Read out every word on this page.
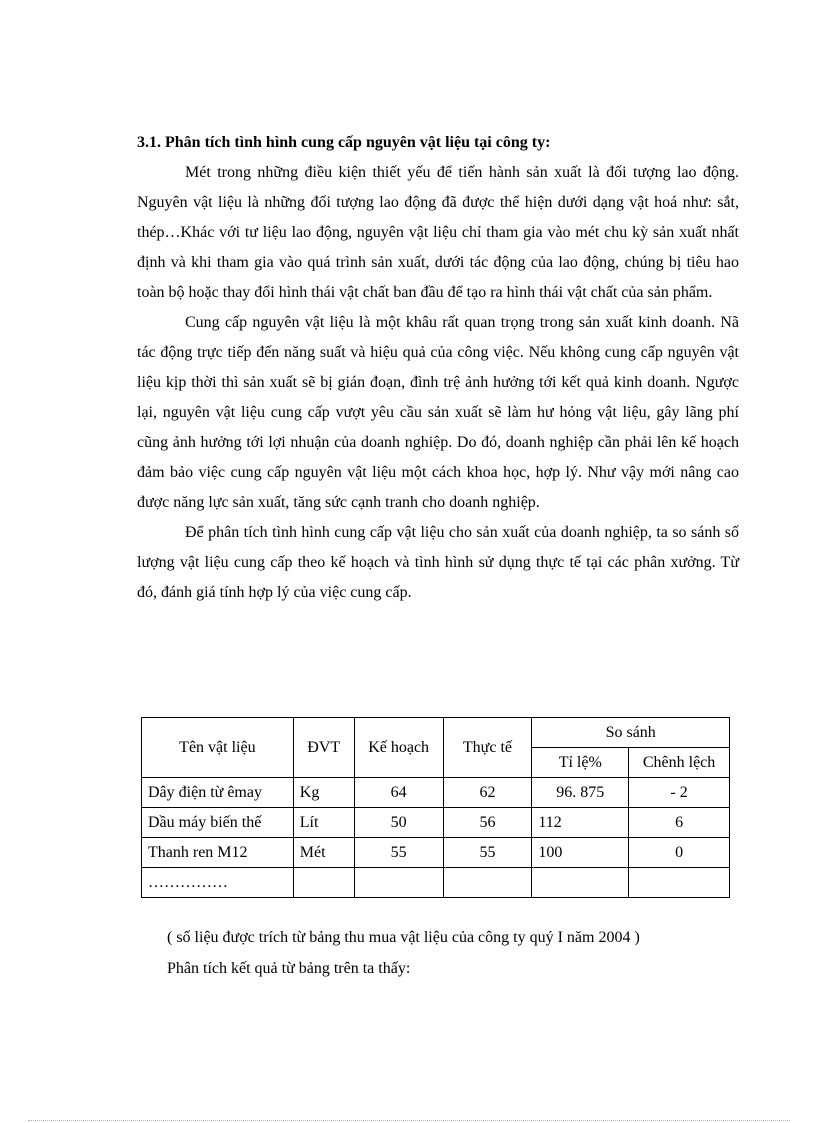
3.1. Phân tích tình hình cung cấp nguyên vật liệu tại công ty:

Mét trong những điều kiện thiết yếu để tiến hành sản xuất là đối tượng lao động. Nguyên vật liệu là những đối tượng lao động đã được thể hiện dưới dạng vật hoá như: sắt, thép…Khác với tư liệu lao động, nguyên vật liệu chỉ tham gia vào mét chu kỳ sản xuất nhất định và khi tham gia vào quá trình sản xuất, dưới tác động của lao động, chúng bị tiêu hao toàn bộ hoặc thay đổi hình thái vật chất ban đầu để tạo ra hình thái vật chất của sản phẩm.

Cung cấp nguyên vật liệu là một khâu rất quan trọng trong sản xuất kinh doanh. Nã tác động trực tiếp đến năng suất và hiệu quả của công việc. Nếu không cung cấp nguyên vật liệu kịp thời thì sản xuất sẽ bị gián đoạn, đình trệ ảnh hưởng tới kết quả kinh doanh. Ngược lại, nguyên vật liệu cung cấp vượt yêu cầu sản xuất sẽ làm hư hỏng vật liệu, gây lãng phí cũng ảnh hưởng tới lợi nhuận của doanh nghiệp. Do đó, doanh nghiệp cần phải lên kế hoạch đảm bảo việc cung cấp nguyên vật liệu một cách khoa học, hợp lý. Như vậy mới nâng cao được năng lực sản xuất, tăng sức cạnh tranh cho doanh nghiệp.

Để phân tích tình hình cung cấp vật liệu cho sản xuất của doanh nghiệp, ta so sánh số lượng vật liệu cung cấp theo kế hoạch và tình hình sử dụng thực tế tại các phân xưởng. Từ đó, đánh giá tính hợp lý của việc cung cấp.

Tên vật liệu	ĐVT	Kế hoạch	Thực tế	So sánh	
				Tỉ lệ%	Chênh lệch
Dây điện từ êmay	Kg	64	62	96. 875	- 2
Dầu máy biến thế	Lít	50	56	112	6
Thanh ren M12	Mét	55	55	100	0
……………					

( số liệu được trích từ bảng thu mua vật liệu của công ty quý I năm 2004 )

Phân tích kết quả từ bảng trên ta thấy:
